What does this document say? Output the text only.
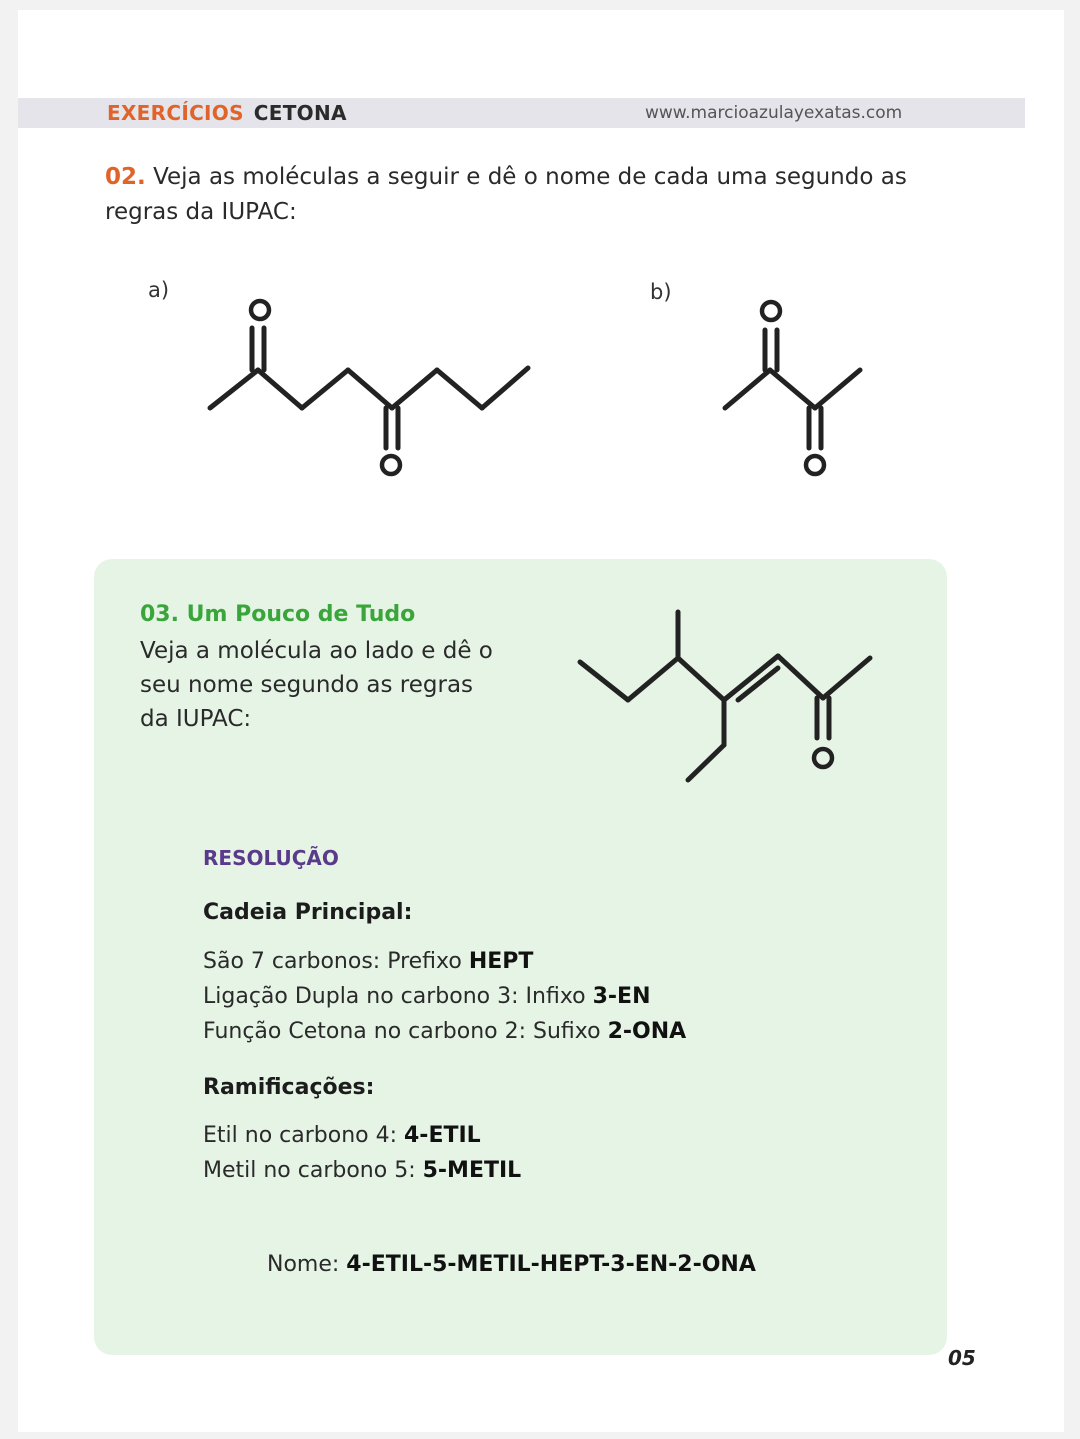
EXERCÍCIOS CETONA	www.marcioazulayexatas.com
02. Veja as moléculas a seguir e dê o nome de cada uma segundo as regras da IUPAC:
a)	b)
03. Um Pouco de Tudo
Veja a molécula ao lado e dê o seu nome segundo as regras da IUPAC:
RESOLUÇÃO
Cadeia Principal:
São 7 carbonos: Prefixo HEPT
Ligação Dupla no carbono 3: Infixo 3-EN
Função Cetona no carbono 2: Sufixo 2-ONA
Ramificações:
Etil no carbono 4: 4-ETIL
Metil no carbono 5: 5-METIL
Nome: 4-ETIL-5-METIL-HEPT-3-EN-2-ONA
05
